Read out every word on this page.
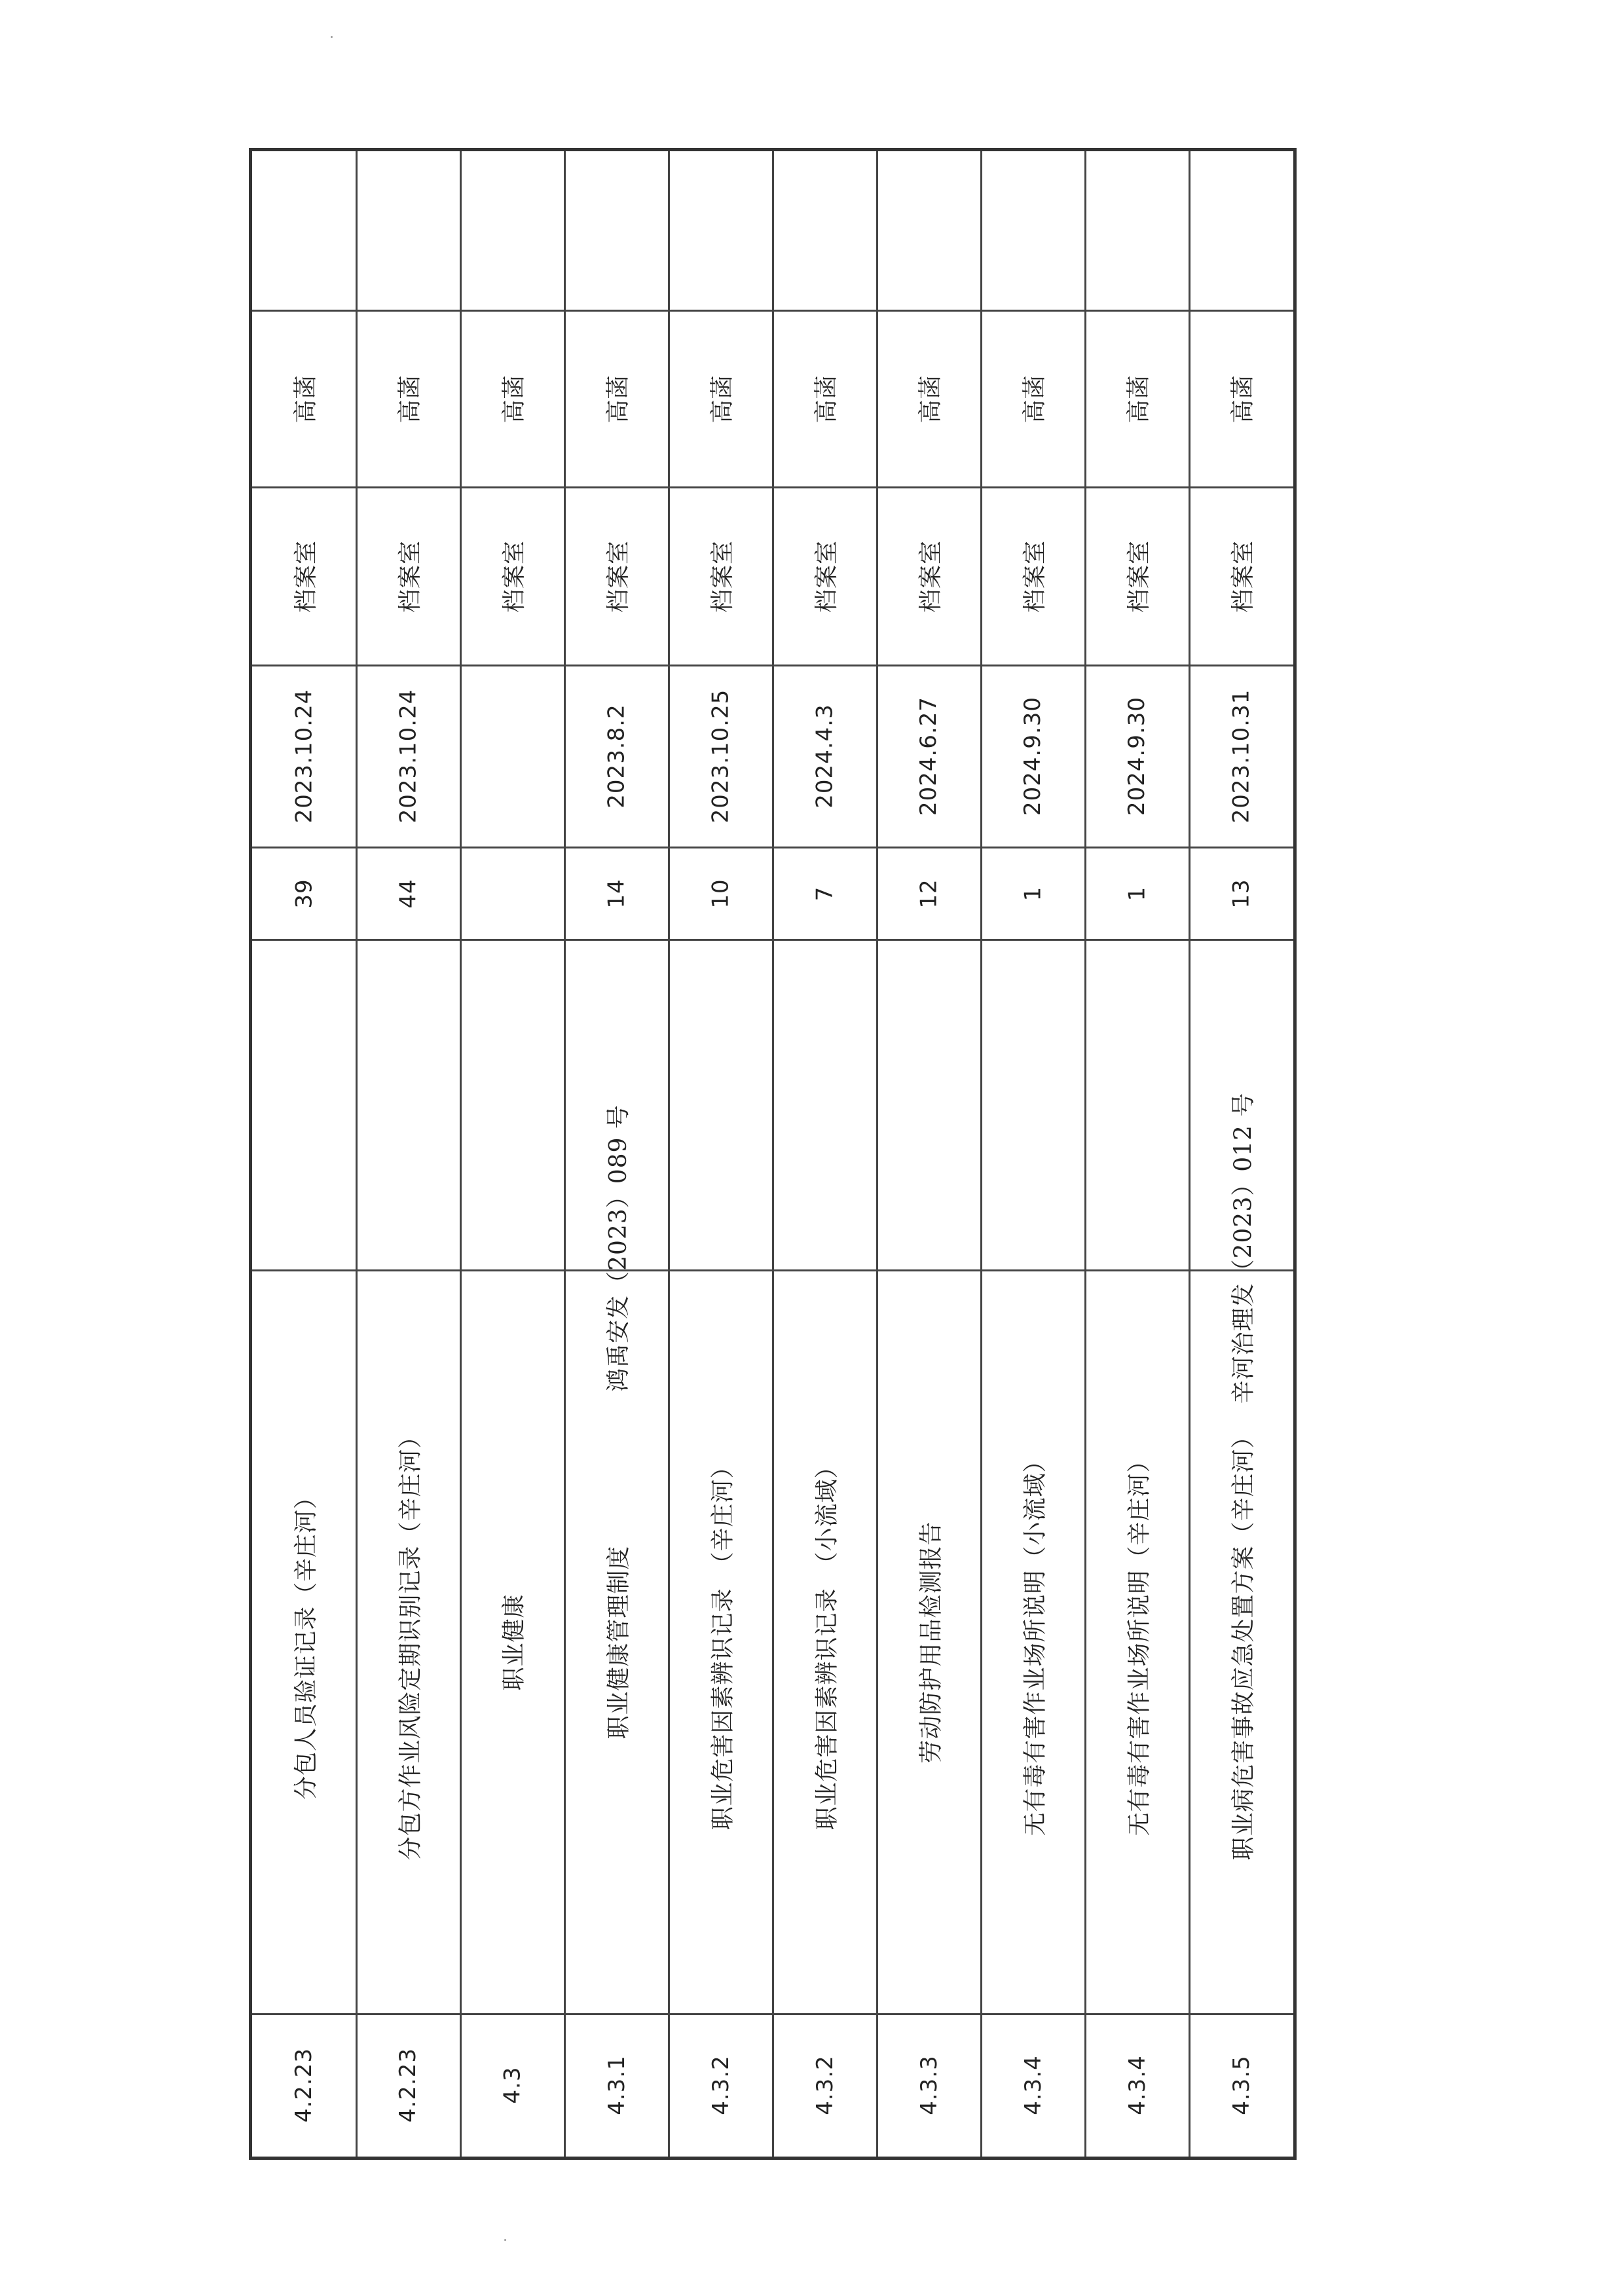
高菡
档案室
2023.10.24
39
分包人员验证记录（辛庄河）
4.2.23
高菡
档案室
2023.10.24
44
分包方作业风险定期识别记录（辛庄河）
4.2.23
高菡
档案室
职业健康
4.3
高菡
档案室
2023.8.2
14
鸿禹安发（2023）089 号
职业健康管理制度
4.3.1
高菡
档案室
2023.10.25
10
职业危害因素辨识记录　（辛庄河）
4.3.2
高菡
档案室
2024.4.3
7
职业危害因素辨识记录　（小流域）
4.3.2
高菡
档案室
2024.6.27
12
劳动防护用品检测报告
4.3.3
高菡
档案室
2024.9.30
1
无有毒有害作业场所说明（小流域）
4.3.4
高菡
档案室
2024.9.30
1
无有毒有害作业场所说明（辛庄河）
4.3.4
高菡
档案室
2023.10.31
13
辛河治理发（2023）012 号
职业病危害事故应急处置方案（辛庄河）
4.3.5
